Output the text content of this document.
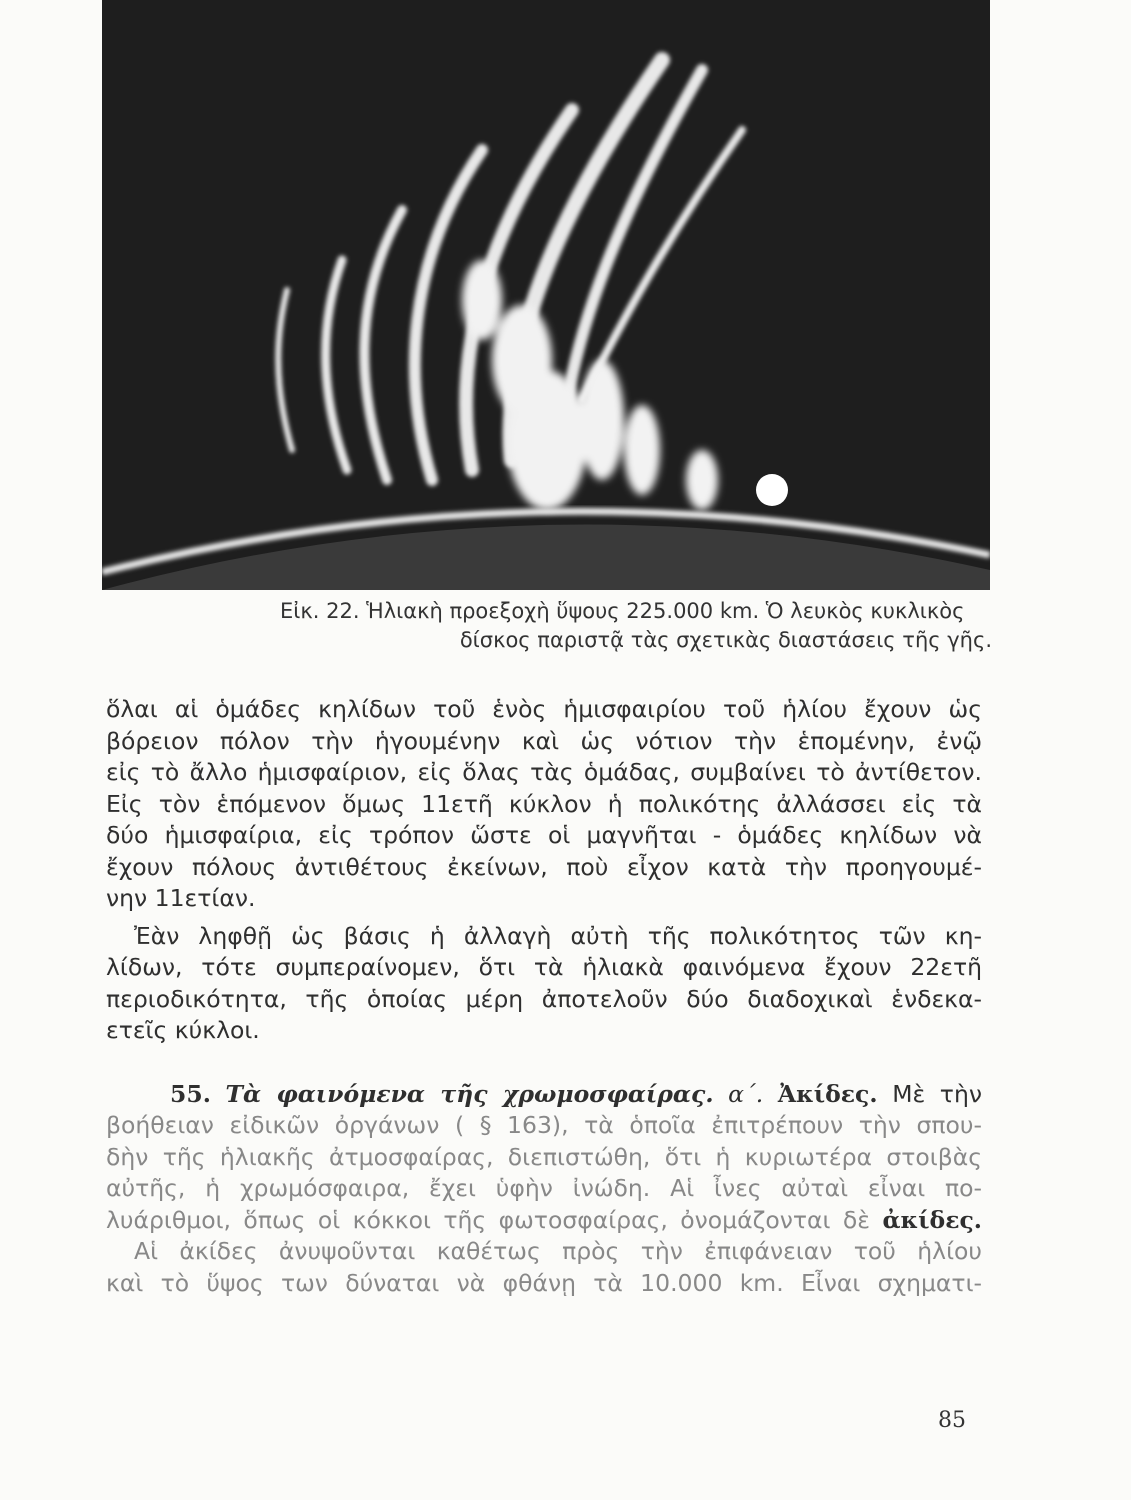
Εἰκ. 22. Ἡλιακὴ προεξοχὴ ὕψους 225.000 km. Ὁ λευκὸς κυκλικὸς
δίσκος παριστᾷ τὰς σχετικὰς διαστάσεις τῆς γῆς.

ὅλαι αἱ ὁμάδες κηλίδων τοῦ ἑνὸς ἡμισφαιρίου τοῦ ἡλίου ἔχουν ὡς
βόρειον πόλον τὴν ἡγουμένην καὶ ὡς νότιον τὴν ἑπομένην, ἐνῷ
εἰς τὸ ἄλλο ἡμισφαίριον, εἰς ὅλας τὰς ὁμάδας, συμβαίνει τὸ ἀντίθετον.
Εἰς τὸν ἑπόμενον ὅμως 11ετῆ κύκλον ἡ πολικότης ἀλλάσσει εἰς τὰ
δύο ἡμισφαίρια, εἰς τρόπον ὥστε οἱ μαγνῆται - ὁμάδες κηλίδων νὰ
ἔχουν πόλους ἀντιθέτους ἐκείνων, ποὺ εἶχον κατὰ τὴν προηγουμέ-
νην 11ετίαν.

Ἐὰν ληφθῇ ὡς βάσις ἡ ἀλλαγὴ αὐτὴ τῆς πολικότητος τῶν κη-

λίδων, τότε συμπεραίνομεν, ὅτι τὰ ἡλιακὰ φαινόμενα ἔχουν 22ετῆ
περιοδικότητα, τῆς ὁποίας μέρη ἀποτελοῦν δύο διαδοχικαὶ ἑνδεκα-
ετεῖς κύκλοι.

55. Τὰ φαινόμενα τῆς χρωμοσφαίρας. α΄. Ἀκίδες. Μὲ τὴν
βοήθειαν εἰδικῶν ὀργάνων ( § 163), τὰ ὁποῖα ἐπιτρέπουν τὴν σπου-
δὴν τῆς ἡλιακῆς ἀτμοσφαίρας, διεπιστώθη, ὅτι ἡ κυριωτέρα στοιβὰς
αὐτῆς, ἡ χρωμόσφαιρα, ἔχει ὑφὴν ἰνώδη. Αἱ ἶνες αὐταὶ εἶναι πο-
λυάριθμοι, ὅπως οἱ κόκκοι τῆς φωτοσφαίρας, ὀνομάζονται δὲ ἀκίδες.

Αἱ ἀκίδες ἀνυψοῦνται καθέτως πρὸς τὴν ἐπιφάνειαν τοῦ ἡλίου

καὶ τὸ ὕψος των δύναται νὰ φθάνῃ τὰ 10.000 km. Εἶναι σχηματι-

85
